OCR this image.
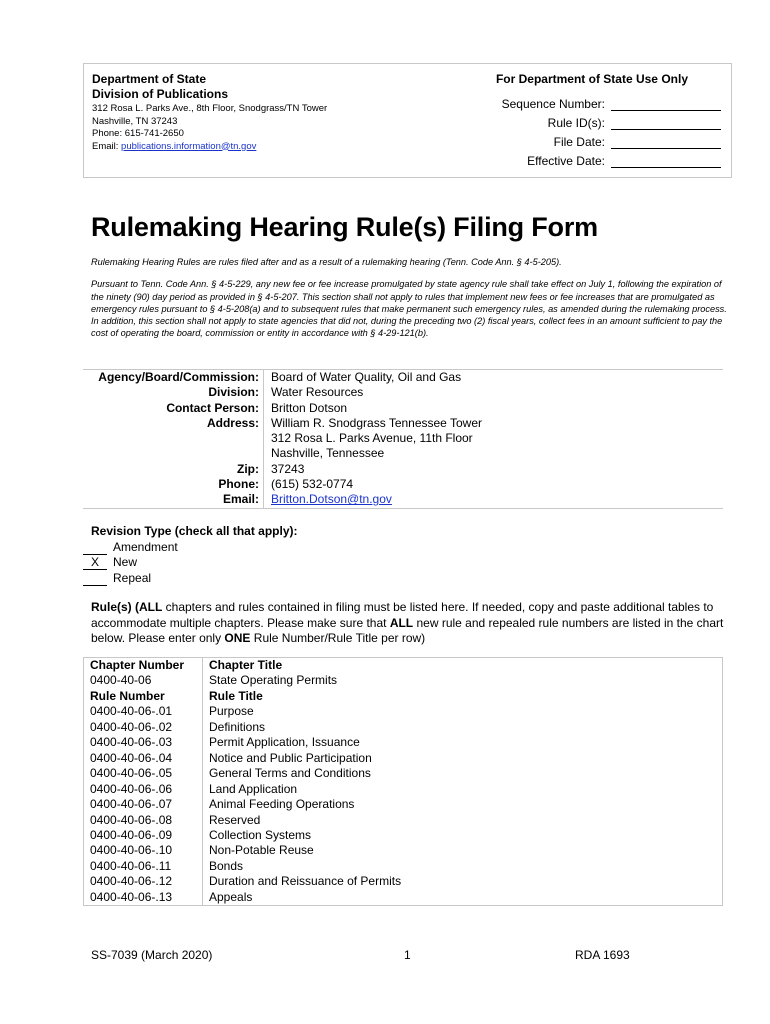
Department of State
Division of Publications
312 Rosa L. Parks Ave., 8th Floor, Snodgrass/TN Tower
Nashville, TN 37243
Phone: 615-741-2650
Email: publications.information@tn.gov
For Department of State Use Only
Sequence Number:
Rule ID(s):
File Date:
Effective Date:
Rulemaking Hearing Rule(s) Filing Form

Rulemaking Hearing Rules are rules filed after and as a result of a rulemaking hearing (Tenn. Code Ann. § 4-5-205).

Pursuant to Tenn. Code Ann. § 4-5-229, any new fee or fee increase promulgated by state agency rule shall take effect on July 1, following the expiration of the ninety (90) day period as provided in § 4-5-207. This section shall not apply to rules that implement new fees or fee increases that are promulgated as emergency rules pursuant to § 4-5-208(a) and to subsequent rules that make permanent such emergency rules, as amended during the rulemaking process. In addition, this section shall not apply to state agencies that did not, during the preceding two (2) fiscal years, collect fees in an amount sufficient to pay the cost of operating the board, commission or entity in accordance with § 4-29-121(b).

Agency/Board/Commission:	Board of Water Quality, Oil and Gas
Division:	Water Resources
Contact Person:	Britton Dotson
Address:	William R. Snodgrass Tennessee Tower
312 Rosa L. Parks Avenue, 11th Floor
Nashville, Tennessee
Zip:	37243
Phone:	(615) 532-0774
Email:	Britton.Dotson@tn.gov
Revision Type (check all that apply):
Amendment
X	New
Repeal
Rule(s) (ALL chapters and rules contained in filing must be listed here. If needed, copy and paste additional tables to accommodate multiple chapters. Please make sure that ALL new rule and repealed rule numbers are listed in the chart below. Please enter only ONE Rule Number/Rule Title per row)
Chapter Number	Chapter Title
0400-40-06	State Operating Permits
Rule Number	Rule Title
0400-40-06-.01	Purpose
0400-40-06-.02	Definitions
0400-40-06-.03	Permit Application, Issuance
0400-40-06-.04	Notice and Public Participation
0400-40-06-.05	General Terms and Conditions
0400-40-06-.06	Land Application
0400-40-06-.07	Animal Feeding Operations
0400-40-06-.08	Reserved
0400-40-06-.09	Collection Systems
0400-40-06-.10	Non-Potable Reuse
0400-40-06-.11	Bonds
0400-40-06-.12	Duration and Reissuance of Permits
0400-40-06-.13	Appeals
SS-7039 (March 2020)	1	RDA 1693
